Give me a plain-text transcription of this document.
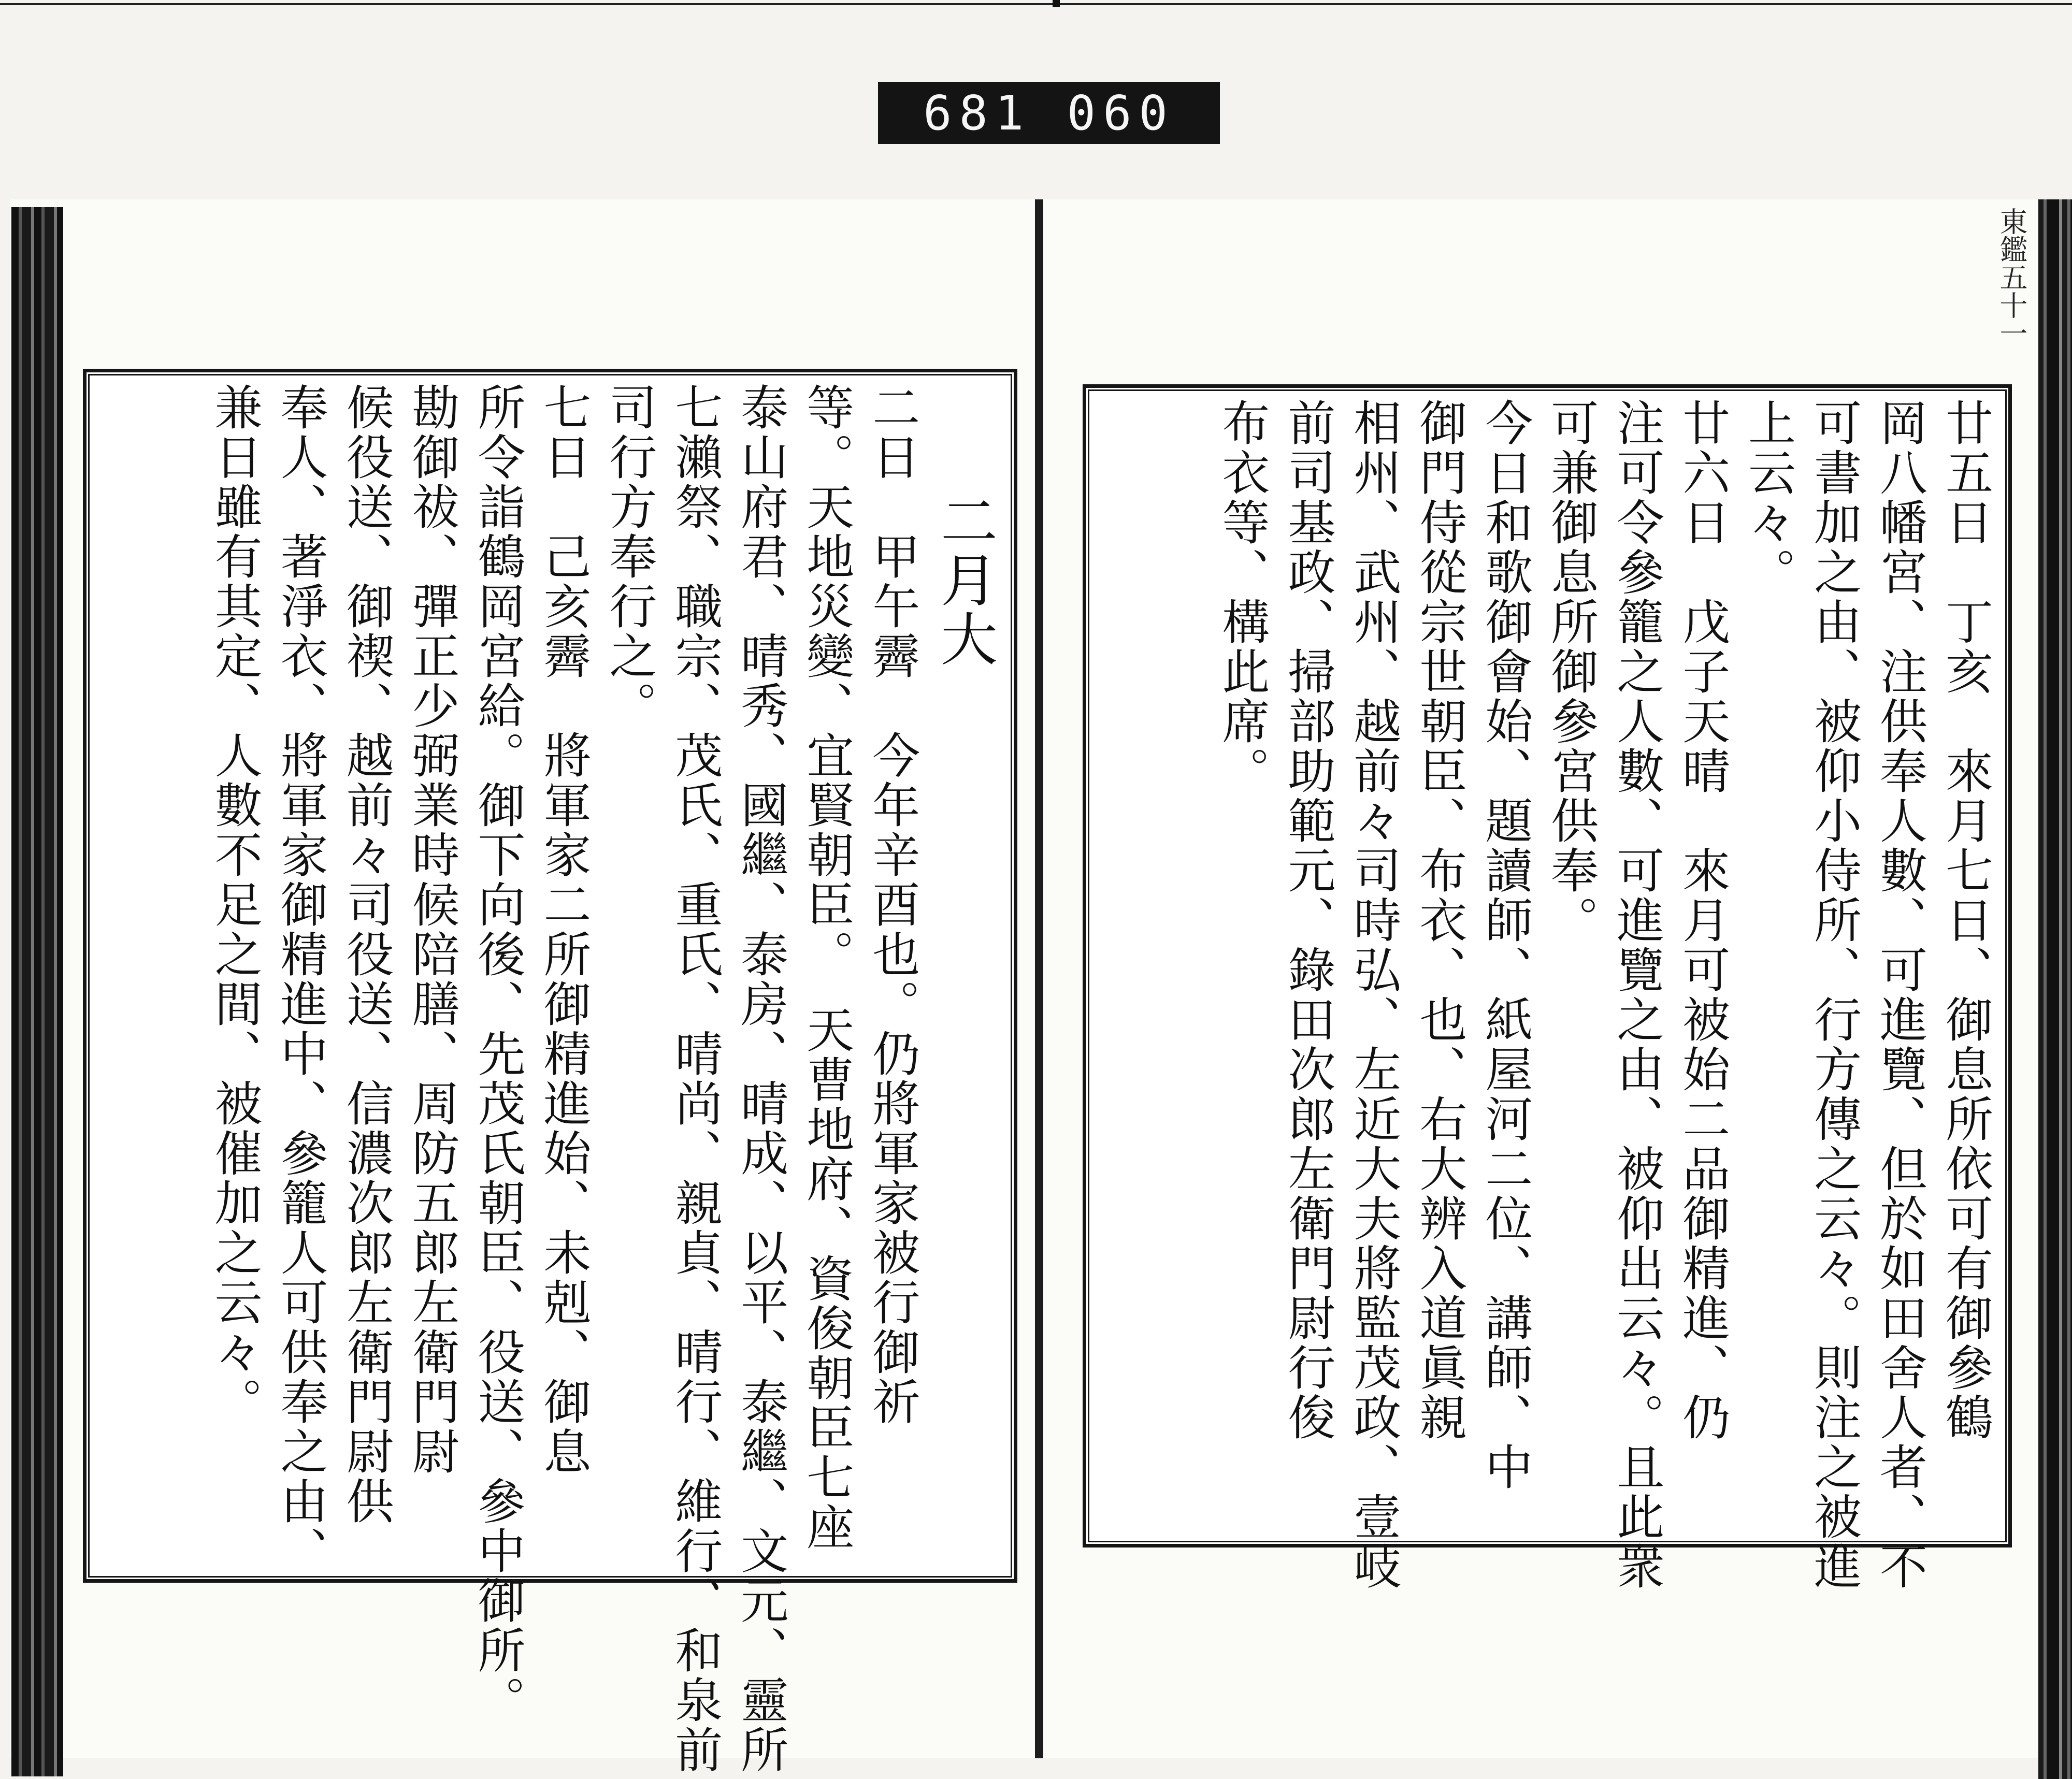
681 060
東鑑五十一
廿五日　丁亥　來月七日、御息所依可有御參鶴
岡八幡宮、注供奉人數、可進覽、但於如田舍人者、不
可書加之由、被仰小侍所、行方傳之云々。則注之被進
上云々。
廿六日　戊子天晴　來月可被始二品御精進、仍
注可令參籠之人數、可進覽之由、被仰出云々。且此衆
可兼御息所御參宮供奉。
今日和歌御會始、題讀師、紙屋河二位、講師、中
御門侍從宗世朝臣、布衣、也、右大辨入道眞親
相州、武州、越前々司時弘、左近大夫將監茂政、壹岐
前司基政、掃部助範元、錄田次郎左衛門尉行俊
布衣等、構此席。
二月大
二日　甲午霽　今年辛酉也。仍將軍家被行御祈
等。天地災變、宜賢朝臣。　天曹地府、資俊朝臣七座
泰山府君、晴秀、國繼、泰房、晴成、以平、泰繼、文元、靈所
七瀨祭、職宗、茂氏、重氏、晴尚、親貞、晴行、維行、和泉前
司行方奉行之。
七日　己亥霽　將軍家二所御精進始、未剋、御息
所令詣鶴岡宮給。御下向後、先茂氏朝臣、役送、參中御所。
勘御祓、彈正少弼業時候陪膳、周防五郎左衛門尉
候役送、御禊、越前々司役送、信濃次郎左衛門尉供
奉人、著淨衣、將軍家御精進中、參籠人可供奉之由、
兼日雖有其定、人數不足之間、被催加之云々。
